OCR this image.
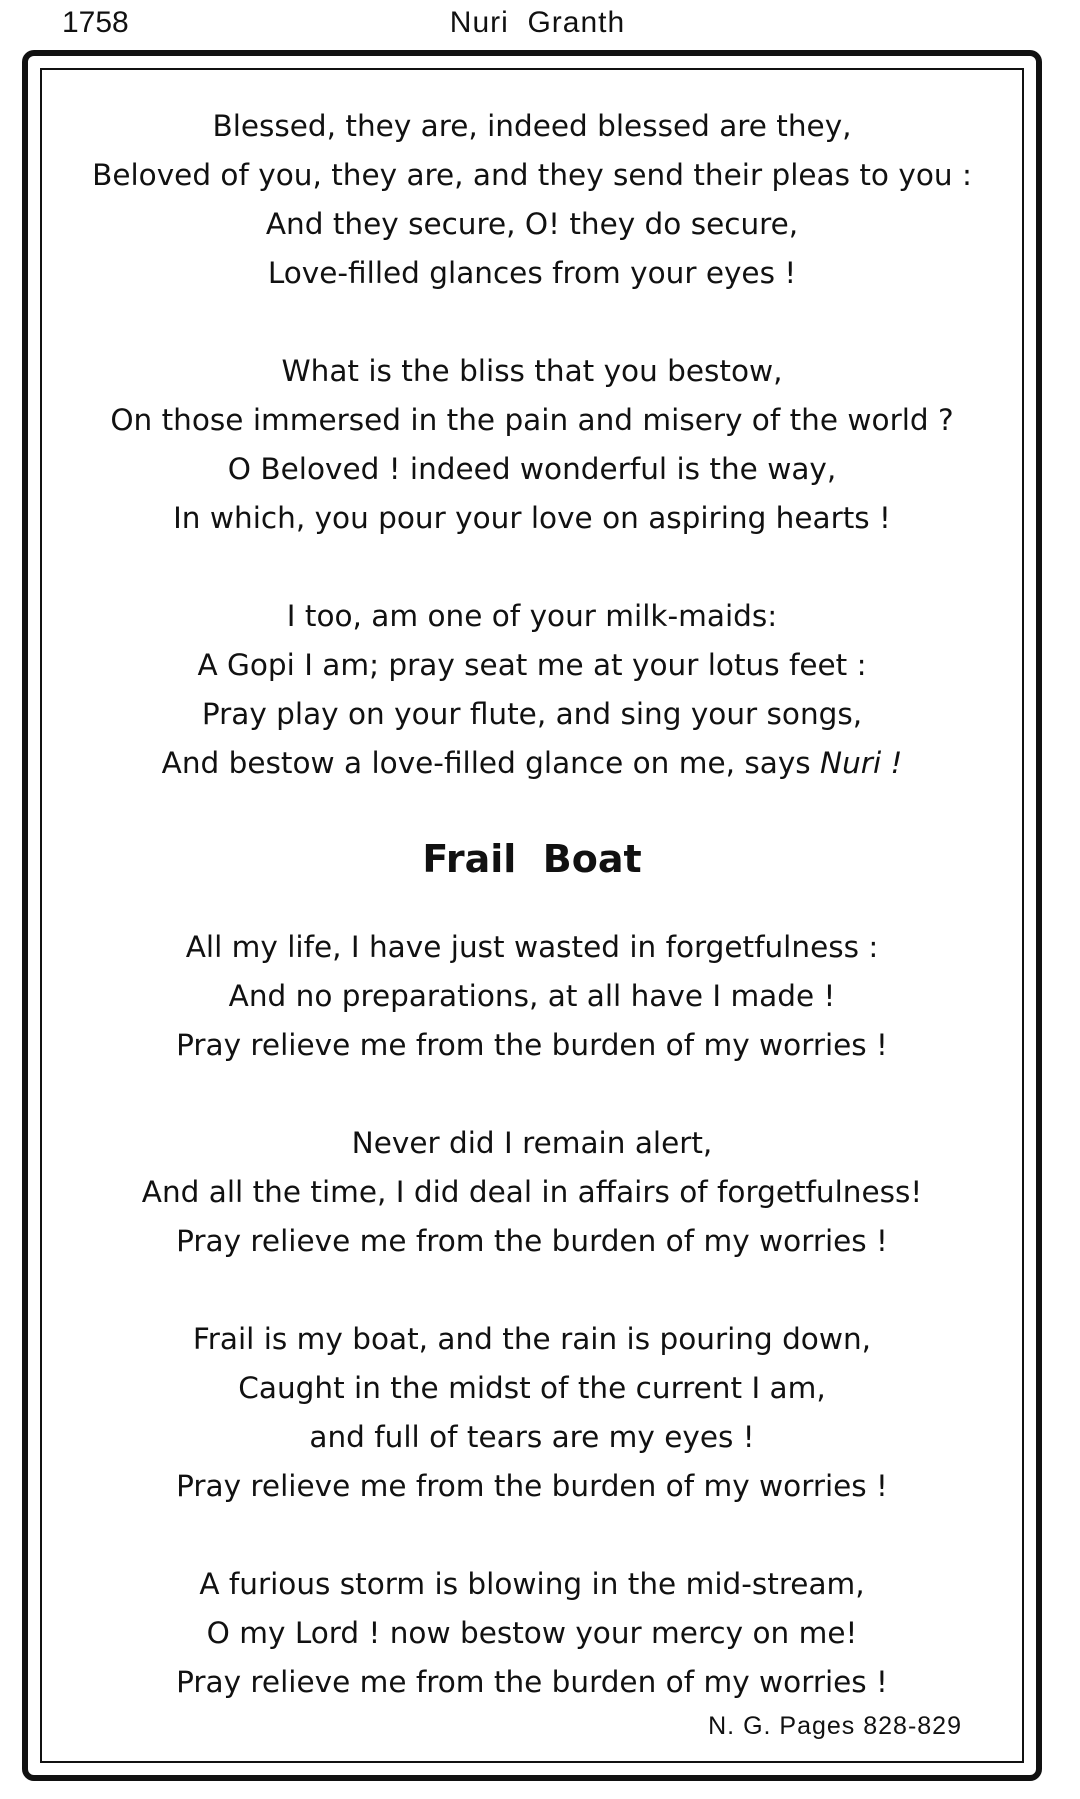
1758	Nuri  Granth
Blessed, they are, indeed blessed are they,
Beloved of you, they are, and they send their pleas to you :
And they secure, O! they do secure,
Love-filled glances from your eyes !
What is the bliss that you bestow,
On those immersed in the pain and misery of the world ?
O Beloved ! indeed wonderful is the way,
In which, you pour your love on aspiring hearts !
I too, am one of your milk-maids:
A Gopi I am; pray seat me at your lotus feet :
Pray play on your flute, and sing your songs,
And bestow a love-filled glance on me, says Nuri !
Frail  Boat
All my life, I have just wasted in forgetfulness :
And no preparations, at all have I made !
Pray relieve me from the burden of my worries !
Never did I remain alert,
And all the time, I did deal in affairs of forgetfulness!
Pray relieve me from the burden of my worries !
Frail is my boat, and the rain is pouring down,
Caught in the midst of the current I am,
and full of tears are my eyes !
Pray relieve me from the burden of my worries !
A furious storm is blowing in the mid-stream,
O my Lord ! now bestow your mercy on me!
Pray relieve me from the burden of my worries !
N. G. Pages 828-829
